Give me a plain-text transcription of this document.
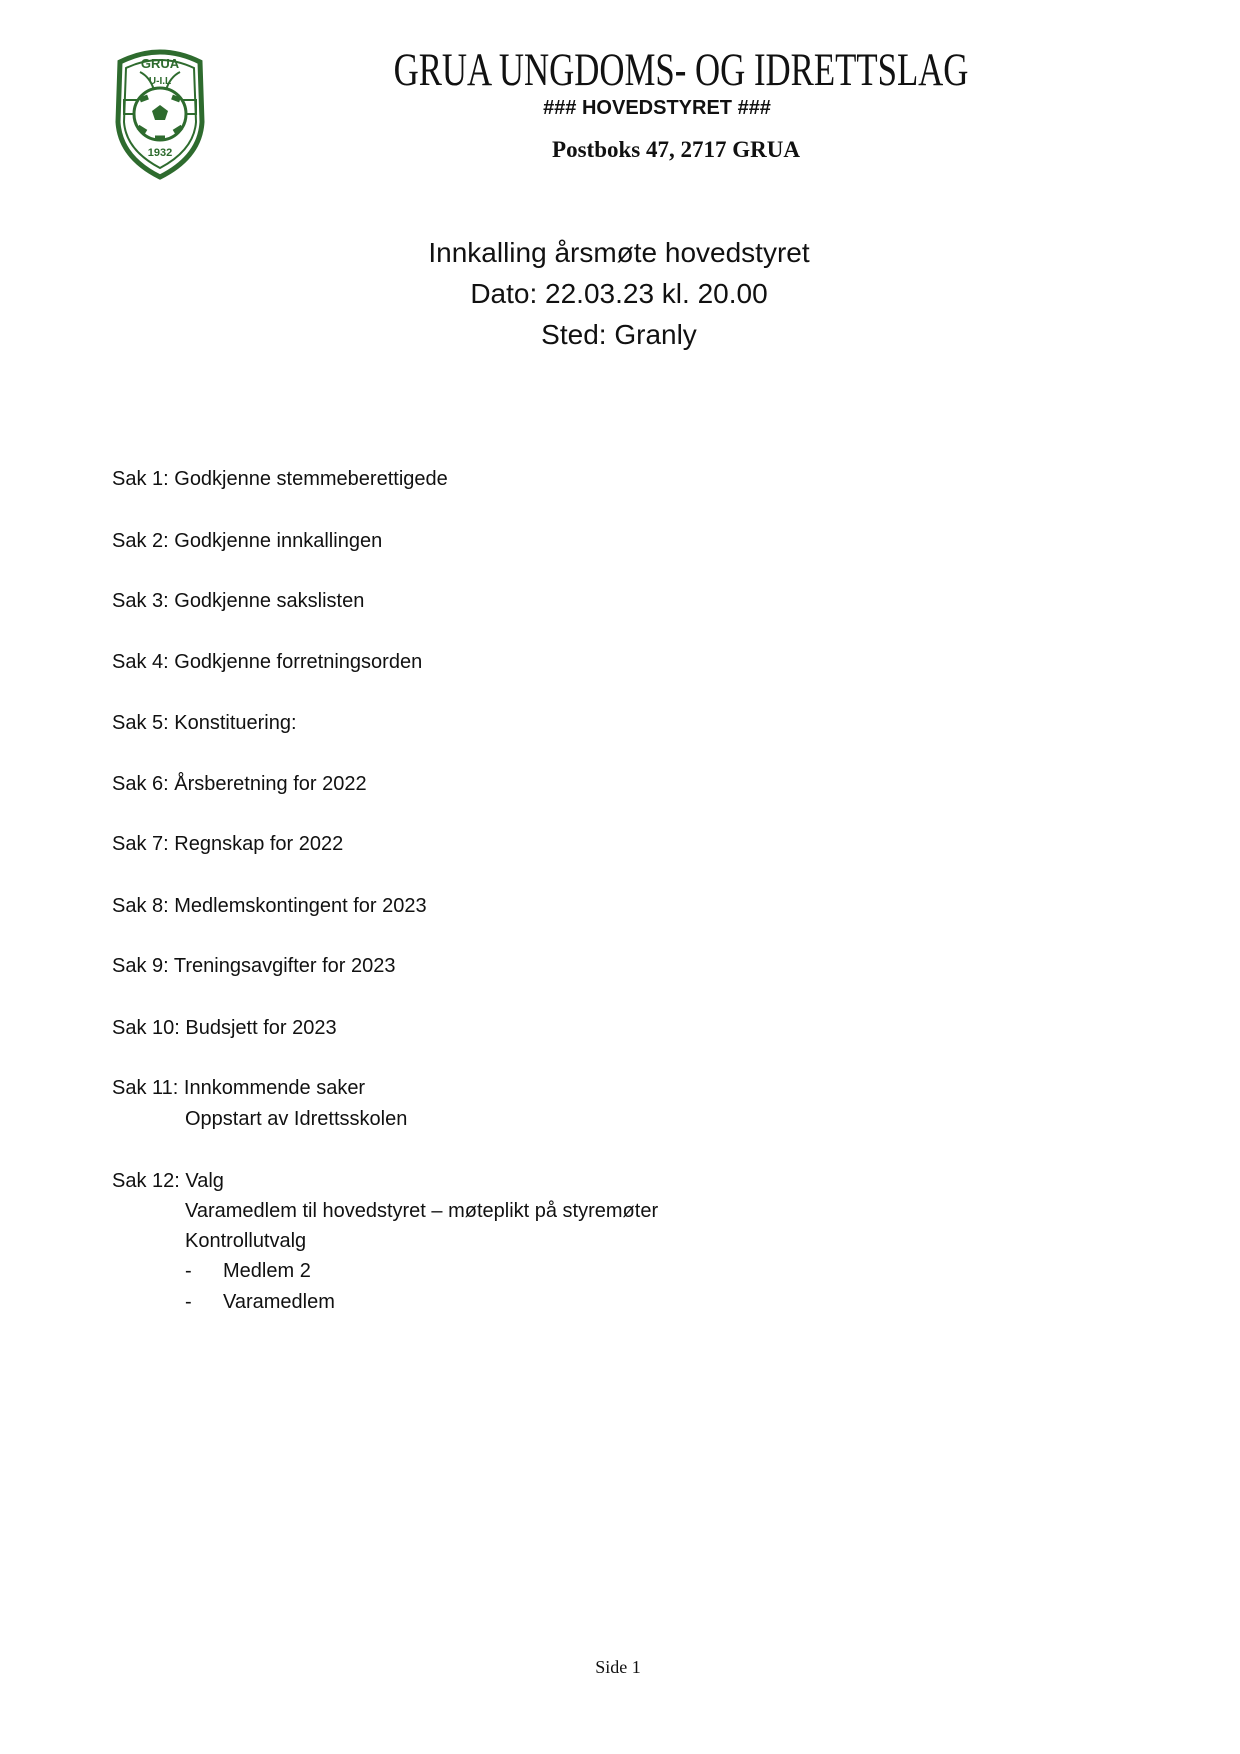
GRUA
U-I.L
1932
GRUA UNGDOMS- OG IDRETTSLAG
### HOVEDSTYRET ###
Postboks 47, 2717 GRUA
Innkalling årsmøte hovedstyret
Dato: 22.03.23 kl. 20.00
Sted: Granly
Sak 1: Godkjenne stemmeberettigede
Sak 2: Godkjenne innkallingen
Sak 3: Godkjenne sakslisten
Sak 4: Godkjenne forretningsorden
Sak 5: Konstituering:
Sak 6: Årsberetning for 2022
Sak 7: Regnskap for 2022
Sak 8: Medlemskontingent for 2023
Sak 9: Treningsavgifter for 2023
Sak 10: Budsjett for 2023
Sak 11: Innkommende saker
Oppstart av Idrettsskolen
Sak 12: Valg
Varamedlem til hovedstyret – møteplikt på styremøter
Kontrollutvalg
- Medlem 2
- Varamedlem
Side 1
